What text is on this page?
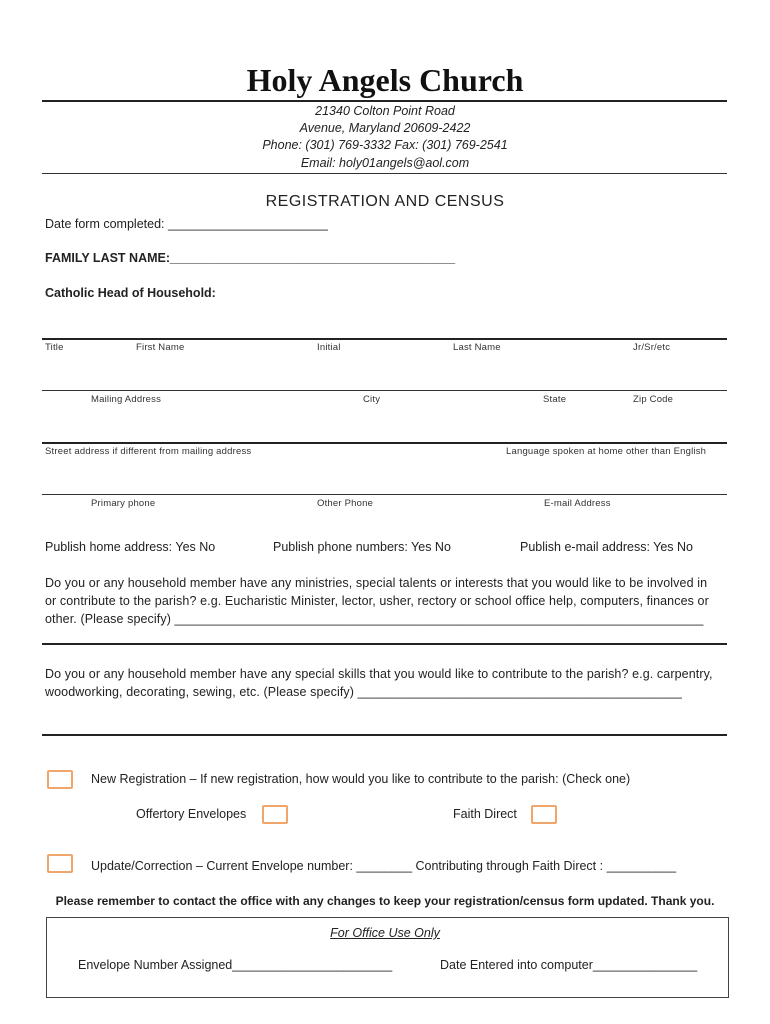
Holy Angels Church
21340 Colton Point Road
Avenue, Maryland 20609-2422
Phone: (301) 769-3332 Fax: (301) 769-2541
Email: holy01angels@aol.com
REGISTRATION AND CENSUS
Date form completed: _______________________
FAMILY LAST NAME:_________________________________________
Catholic Head of Household:
Title	First Name	Initial	Last Name	Jr/Sr/etc
Mailing Address	City	State	Zip Code
Street address if different from mailing address	Language spoken at home other than English
Primary phone	Other Phone	E-mail Address
Publish home address: Yes No	Publish phone numbers: Yes No	Publish e-mail address: Yes No
Do you or any household member have any ministries, special talents or interests that you would like to be involved in
or contribute to the parish? e.g. Eucharistic Minister, lector, usher, rectory or school office help, computers, finances or
other. (Please specify) ___________________________________________________________________________
Do you or any household member have any special skills that you would like to contribute to the parish? e.g. carpentry,
woodworking, decorating, sewing, etc. (Please specify) ______________________________________________
New Registration – If new registration, how would you like to contribute to the parish: (Check one)
Offertory Envelopes	Faith Direct
Update/Correction – Current Envelope number: ________ Contributing through Faith Direct : __________
Please remember to contact the office with any changes to keep your registration/census form updated. Thank you.
For Office Use Only
Envelope Number Assigned_______________________	Date Entered into computer_______________
